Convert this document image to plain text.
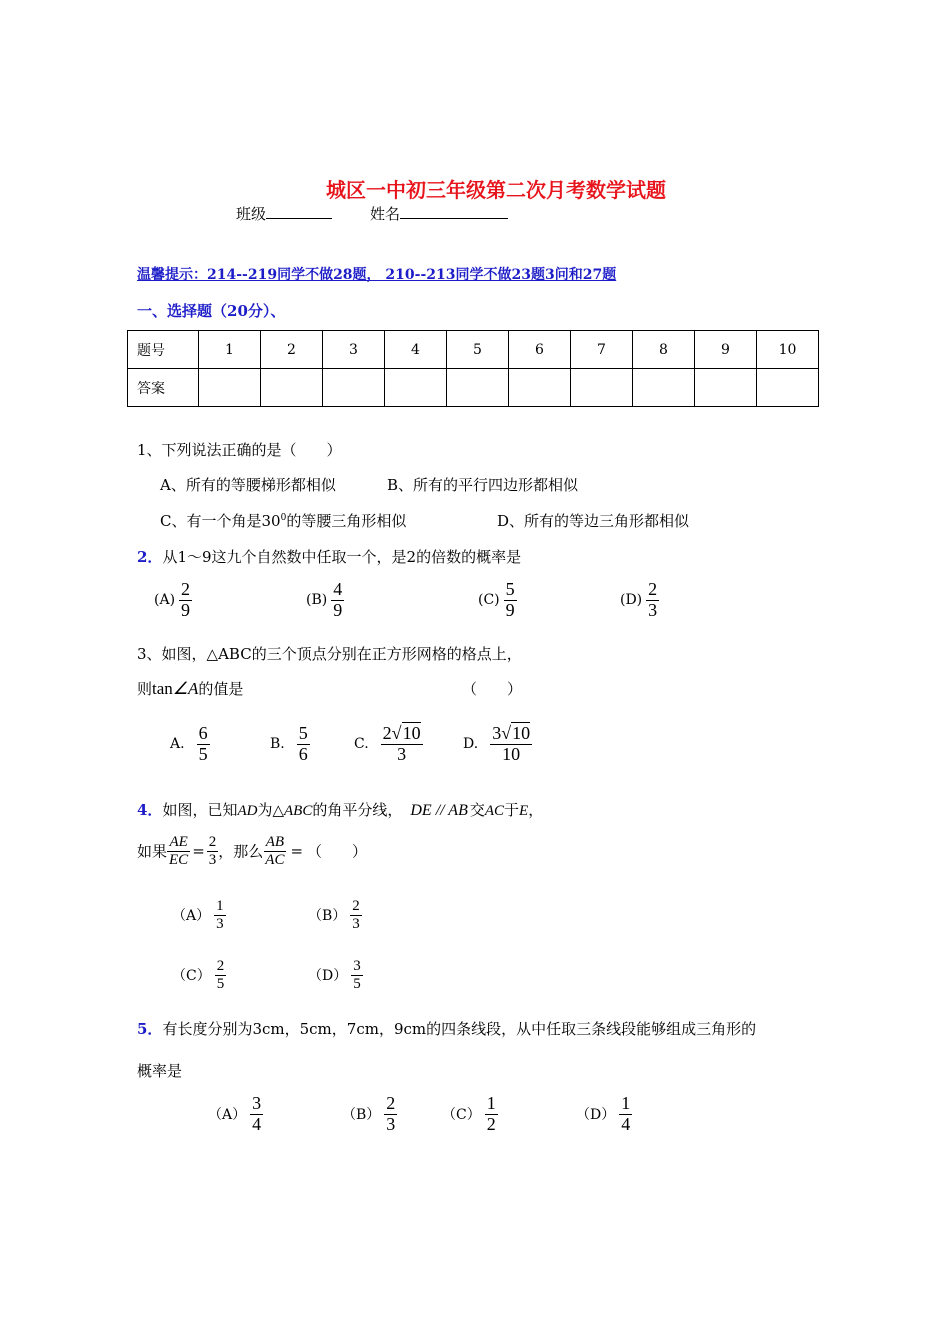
城区一中初三年级第二次月考数学试题
班级	姓名
温馨提示：214--219同学不做28题， 210--213同学不做23题3问和27题
一、选择题（20分）、
题号	1	2	3	4	5	6	7	8	9	10
答案										
1、下列说法正确的是（　　）
A、所有的等腰梯形都相似	B、所有的平行四边形都相似
C、有一个角是$30^0$的等腰三角形相似	D、所有的等边三角形都相似
2．从1～9这九个自然数中任取一个，是2的倍数的概率是
$(A) \frac{2}{9}$	$(B) \frac{4}{9}$	$(C) \frac{5}{9}$	$(D) \frac{2}{3}$
3、如图，△ABC的三个顶点分别在正方形网格的格点上，
则tan∠A的值是	（　　）
A. $\frac{6}{5}$	B. $\frac{5}{6}$	C. $\frac{2√10}{3}$	D. $\frac{3√10}{10}$
4．如图，已知AD为△ABC的角平分线， DE // AB 交AC于E，
如果 $\frac{AE}{EC} = \frac{2}{3}$ ，那么 $\frac{AB}{AC}$ = （　　）
$(A) \frac{1}{3}$	$(B) \frac{2}{3}$
$(C) \frac{2}{5}$	$(D) \frac{3}{5}$
5．有长度分别为3cm，5cm，7cm，9cm的四条线段，从中任取三条线段能够组成三角形的
概率是
$(A) \frac{3}{4}$	$(B) \frac{2}{3}$	$(C) \frac{1}{2}$	$(D) \frac{1}{4}$
